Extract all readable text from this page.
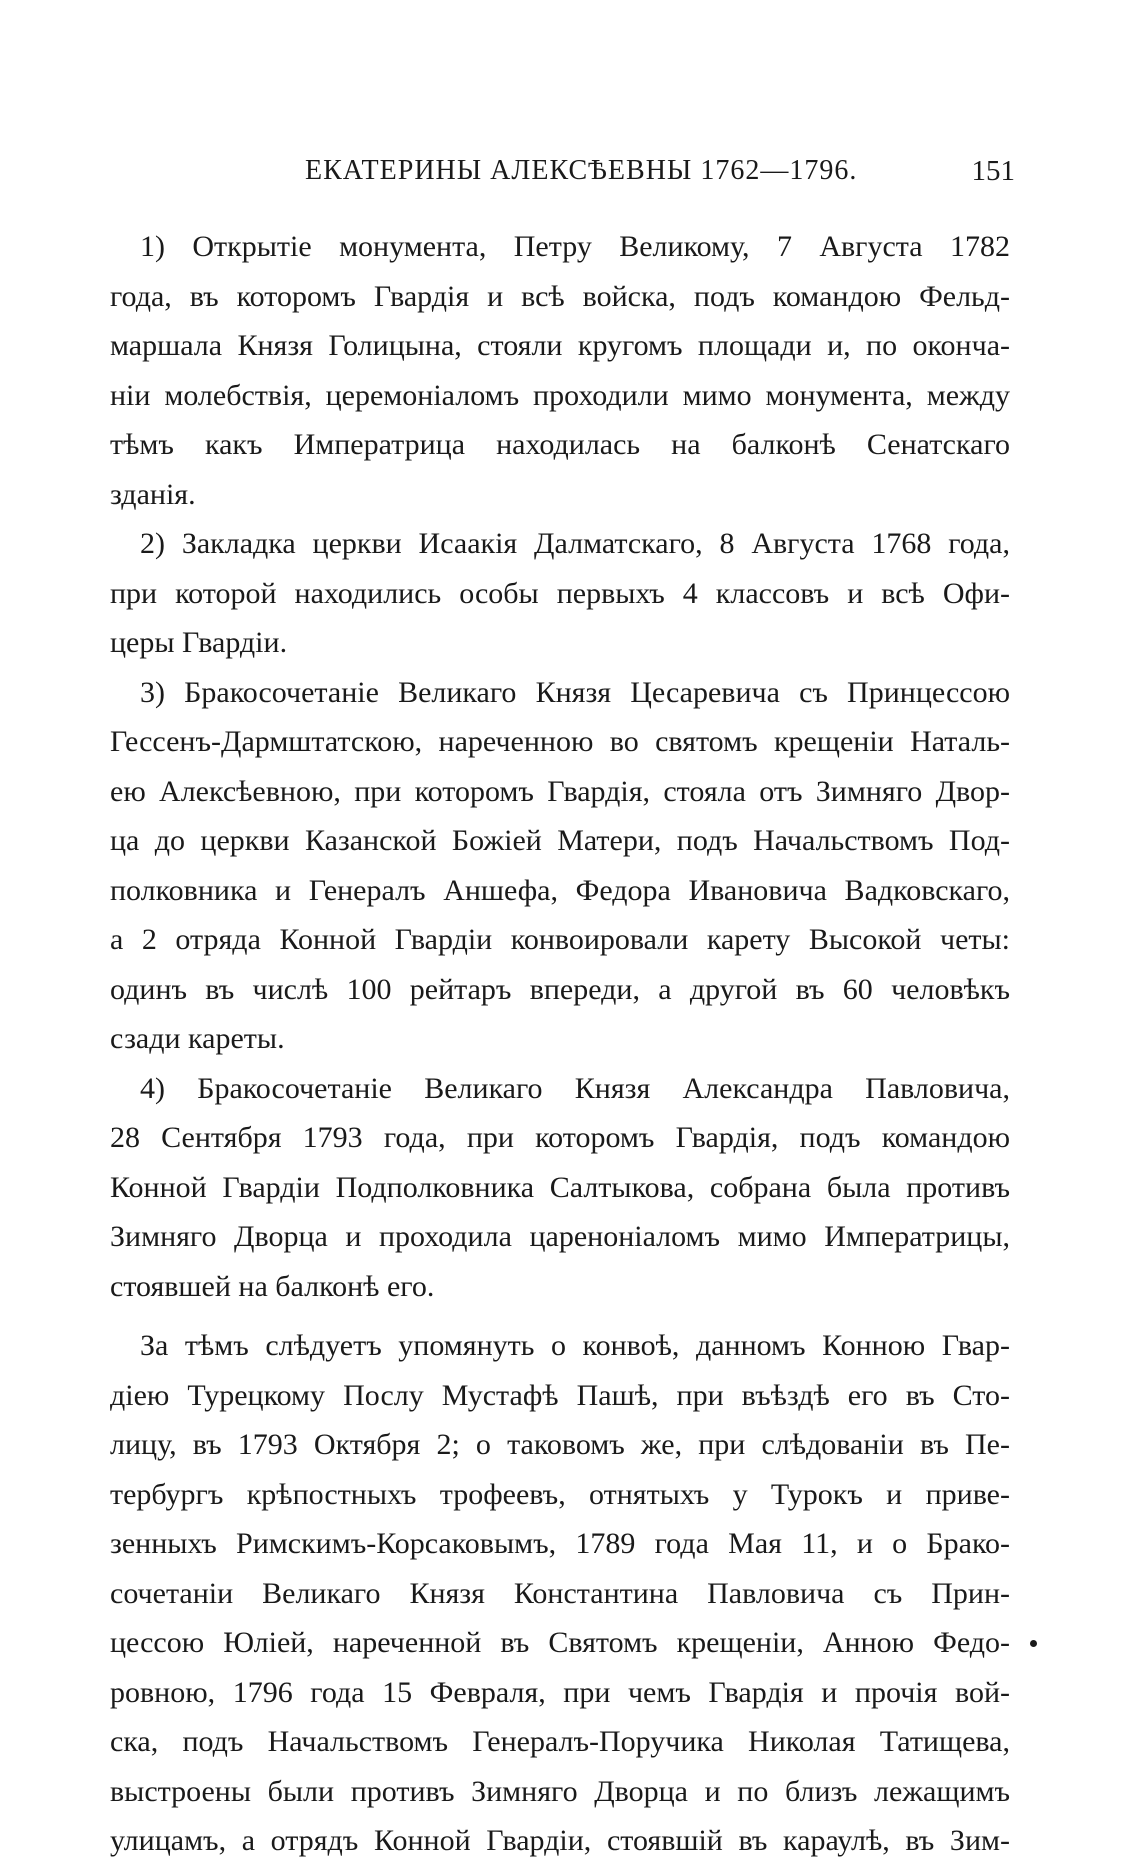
ЕКАТЕРИНЫ АЛЕКСѢЕВНЫ 1762—1796.	151
1) Открытіе монумента, Петру Великому, 7 Августа 1782
года, въ которомъ Гвардія и всѣ войска, подъ командою Фельд-
маршала Князя Голицына, стояли кругомъ площади и, по оконча-
ніи молебствія, церемоніаломъ проходили мимо монумента, между
тѣмъ какъ Императрица находилась на балконѣ Сенатскаго
зданія.
2) Закладка церкви Исаакія Далматскаго, 8 Августа 1768 года,
при которой находились особы первыхъ 4 классовъ и всѣ Офи-
церы Гвардіи.
3) Бракосочетаніе Великаго Князя Цесаревича съ Принцессою
Гессенъ-Дармштатскою, нареченною во святомъ крещеніи Наталь-
ею Алексѣевною, при которомъ Гвардія, стояла отъ Зимняго Двор-
ца до церкви Казанской Божіей Матери, подъ Начальствомъ Под-
полковника и Генералъ Аншефа, Федора Ивановича Вадковскаго,
а 2 отряда Конной Гвардіи конвоировали карету Высокой четы:
одинъ въ числѣ 100 рейтаръ впереди, а другой въ 60 человѣкъ
сзади кареты.
4) Бракосочетаніе Великаго Князя Александра Павловича,
28 Сентября 1793 года, при которомъ Гвардія, подъ командою
Конной Гвардіи Подполковника Салтыкова, собрана была противъ
Зимняго Дворца и проходила цареноніаломъ мимо Императрицы,
стоявшей на балконѣ его.
За тѣмъ слѣдуетъ упомянуть о конвоѣ, данномъ Конною Гвар-
діею Турецкому Послу Мустафѣ Пашѣ, при въѣздѣ его въ Сто-
лицу, въ 1793 Октября 2; о таковомъ же, при слѣдованіи въ Пе-
тербургъ крѣпостныхъ трофеевъ, отнятыхъ у Турокъ и приве-
зенныхъ Римскимъ-Корсаковымъ, 1789 года Мая 11, и о Брако-
сочетаніи Великаго Князя Константина Павловича съ Прин-
цессою Юліей, нареченной въ Святомъ крещеніи, Анною Федо-
ровною, 1796 года 15 Февраля, при чемъ Гвардія и прочія вой-
ска, подъ Начальствомъ Генералъ-Поручика Николая Татищева,
выстроены были противъ Зимняго Дворца и по близъ лежащимъ
улицамъ, а отрядъ Конной Гвардіи, стоявшій въ караулѣ, въ Зим-
